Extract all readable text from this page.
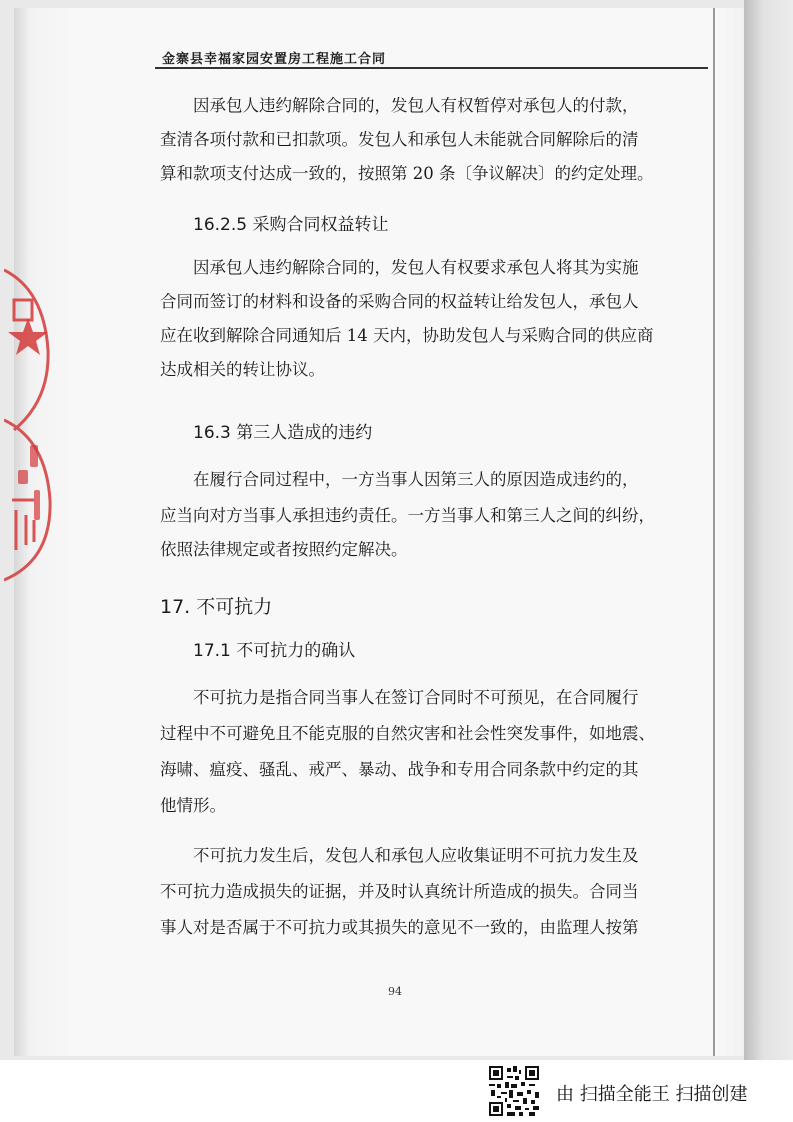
金寨县幸福家园安置房工程施工合同
因承包人违约解除合同的，发包人有权暂停对承包人的付款，
查清各项付款和已扣款项。发包人和承包人未能就合同解除后的清
算和款项支付达成一致的，按照第 20 条〔争议解决〕的约定处理。
16.2.5 采购合同权益转让
因承包人违约解除合同的，发包人有权要求承包人将其为实施
合同而签订的材料和设备的采购合同的权益转让给发包人，承包人
应在收到解除合同通知后 14 天内，协助发包人与采购合同的供应商
达成相关的转让协议。
16.3 第三人造成的违约
在履行合同过程中，一方当事人因第三人的原因造成违约的，
应当向对方当事人承担违约责任。一方当事人和第三人之间的纠纷，
依照法律规定或者按照约定解决。
17. 不可抗力
17.1 不可抗力的确认
不可抗力是指合同当事人在签订合同时不可预见，在合同履行
过程中不可避免且不能克服的自然灾害和社会性突发事件，如地震、
海啸、瘟疫、骚乱、戒严、暴动、战争和专用合同条款中约定的其
他情形。
不可抗力发生后，发包人和承包人应收集证明不可抗力发生及
不可抗力造成损失的证据，并及时认真统计所造成的损失。合同当
事人对是否属于不可抗力或其损失的意见不一致的，由监理人按第
94
由 扫描全能王 扫描创建
